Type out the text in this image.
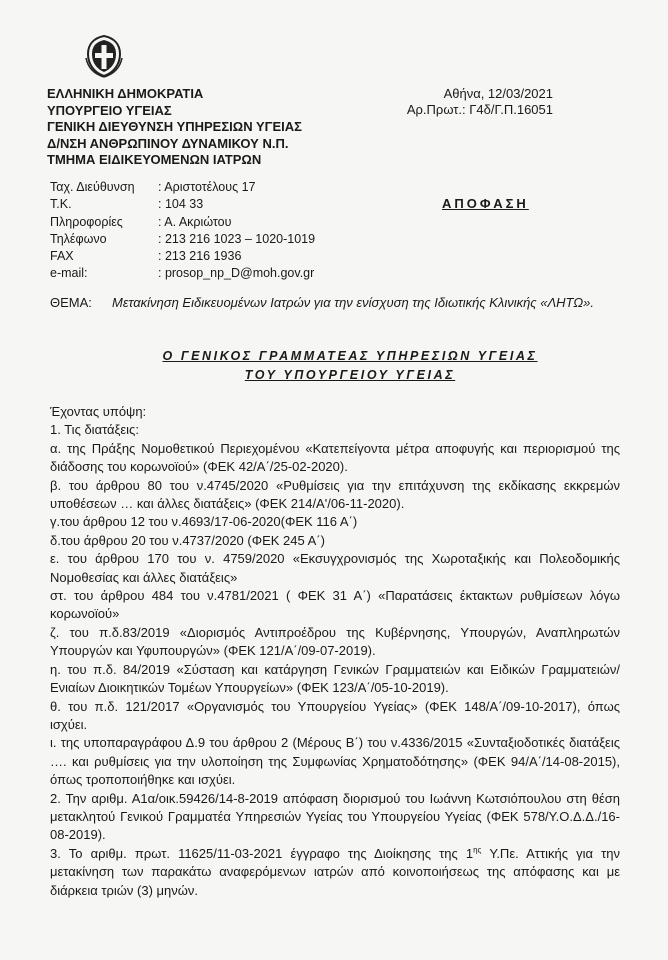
ΕΛΛΗΝΙΚΗ ΔΗΜΟΚΡΑΤΙΑ
ΥΠΟΥΡΓΕΙΟ ΥΓΕΙΑΣ
ΓΕΝΙΚΗ ΔΙΕΥΘΥΝΣΗ ΥΠΗΡΕΣΙΩΝ ΥΓΕΙΑΣ
Δ/ΝΣΗ ΑΝΘΡΩΠΙΝΟΥ ΔΥΝΑΜΙΚΟΥ Ν.Π.
ΤΜΗΜΑ ΕΙΔΙΚΕΥΟΜΕΝΩΝ ΙΑΤΡΩΝ
Αθήνα, 12/03/2021
Αρ.Πρωτ.: Γ4δ/Γ.Π.16051
Ταχ. Διεύθυνση	: Αριστοτέλους 17
Τ.Κ.	: 104 33
Πληροφορίες	: Α. Ακριώτου
Τηλέφωνο	: 213 216 1023 – 1020-1019
FAX	: 213 216 1936
e-mail:	: prosop_np_D@moh.gov.gr
ΑΠΟΦΑΣΗ
ΘΕΜΑ:	Μετακίνηση Ειδικευομένων Ιατρών για την ενίσχυση της Ιδιωτικής Κλινικής «ΛΗΤΩ».
Ο ΓΕΝΙΚΟΣ ΓΡΑΜΜΑΤΕΑΣ ΥΠΗΡΕΣΙΩΝ ΥΓΕΙΑΣ
ΤΟΥ ΥΠΟΥΡΓΕΙΟΥ ΥΓΕΙΑΣ

Έχοντας υπόψη:

1. Τις διατάξεις:

α. της Πράξης Νομοθετικού Περιεχομένου «Κατεπείγοντα μέτρα αποφυγής και περιορισμού της διάδοσης του κορωνοϊού» (ΦΕΚ 42/Α΄/25-02-2020).

β. του άρθρου 80 του ν.4745/2020 «Ρυθμίσεις για την επιτάχυνση της εκδίκασης εκκρεμών υποθέσεων … και άλλες διατάξεις» (ΦΕΚ 214/Α'/06-11-2020).

γ.του άρθρου 12 του ν.4693/17-06-2020(ΦΕΚ 116 Α΄)

δ.του άρθρου 20 του ν.4737/2020 (ΦΕΚ 245 Α΄)

ε. του άρθρου 170 του ν. 4759/2020 «Εκσυγχρονισμός της Χωροταξικής και Πολεοδομικής Νομοθεσίας και άλλες διατάξεις»

στ. του άρθρου 484 του ν.4781/2021 ( ΦΕΚ 31 Α΄) «Παρατάσεις έκτακτων ρυθμίσεων λόγω κορωνοϊού»

ζ. του π.δ.83/2019 «Διορισμός Αντιπροέδρου της Κυβέρνησης, Υπουργών, Αναπληρωτών Υπουργών και Υφυπουργών» (ΦΕΚ 121/Α΄/09-07-2019).

η. του π.δ. 84/2019 «Σύσταση και κατάργηση Γενικών Γραμματειών και Ειδικών Γραμματειών/Ενιαίων Διοικητικών Τομέων Υπουργείων» (ΦΕΚ 123/Α΄/05-10-2019).

θ. του π.δ. 121/2017 «Οργανισμός του Υπουργείου Υγείας» (ΦΕΚ 148/Α΄/09-10-2017), όπως ισχύει.

ι. της υποπαραγράφου Δ.9 του άρθρου 2 (Μέρους Β΄) του ν.4336/2015 «Συνταξιοδοτικές διατάξεις …. και ρυθμίσεις για την υλοποίηση της Συμφωνίας Χρηματοδότησης» (ΦΕΚ 94/Α΄/14-08-2015), όπως τροποποιήθηκε και ισχύει.

2. Την αριθμ. Α1α/οικ.59426/14-8-2019 απόφαση διορισμού του Ιωάννη Κωτσιόπουλου στη θέση μετακλητού Γενικού Γραμματέα Υπηρεσιών Υγείας του Υπουργείου Υγείας (ΦΕΚ 578/Υ.Ο.Δ.Δ./16-08-2019).

3. Το αριθμ. πρωτ. 11625/11-03-2021 έγγραφο της Διοίκησης της $1^{\eta\varsigma}$ Υ.Πε. Αττικής για την μετακίνηση των παρακάτω αναφερόμενων ιατρών από κοινοποιήσεως της απόφασης και με διάρκεια τριών (3) μηνών.
